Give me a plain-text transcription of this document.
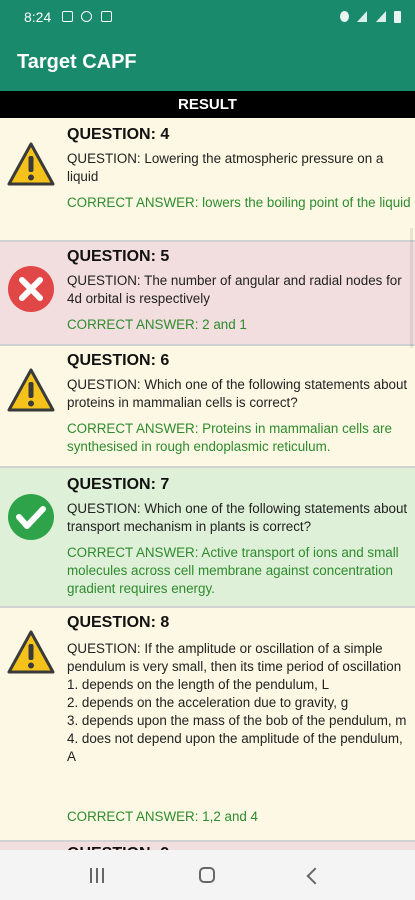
8:24

Target CAPF
RESULT
QUESTION: 4
QUESTION: Lowering the atmospheric pressure on a liquid
CORRECT ANSWER: lowers the boiling point of the liquid
QUESTION: 5
QUESTION: The number of angular and radial nodes for 4d orbital is respectively
CORRECT ANSWER: 2 and 1
QUESTION: 6
QUESTION: Which one of the following statements about proteins in mammalian cells is correct?
CORRECT ANSWER: Proteins in mammalian cells are synthesised in rough endoplasmic reticulum.
QUESTION: 7
QUESTION: Which one of the following statements about transport mechanism in plants is correct?
CORRECT ANSWER: Active transport of ions and small molecules across cell membrane against concentration gradient requires energy.
QUESTION: 8
QUESTION: If the amplitude or oscillation of a simple pendulum is very small, then its time period of oscillation
1. depends on the length of the pendulum, L
2. depends on the acceleration due to gravity, g
3. depends upon the mass of the bob of the pendulum, m
4. does not depend upon the amplitude of the pendulum, A
CORRECT ANSWER: 1,2 and 4
